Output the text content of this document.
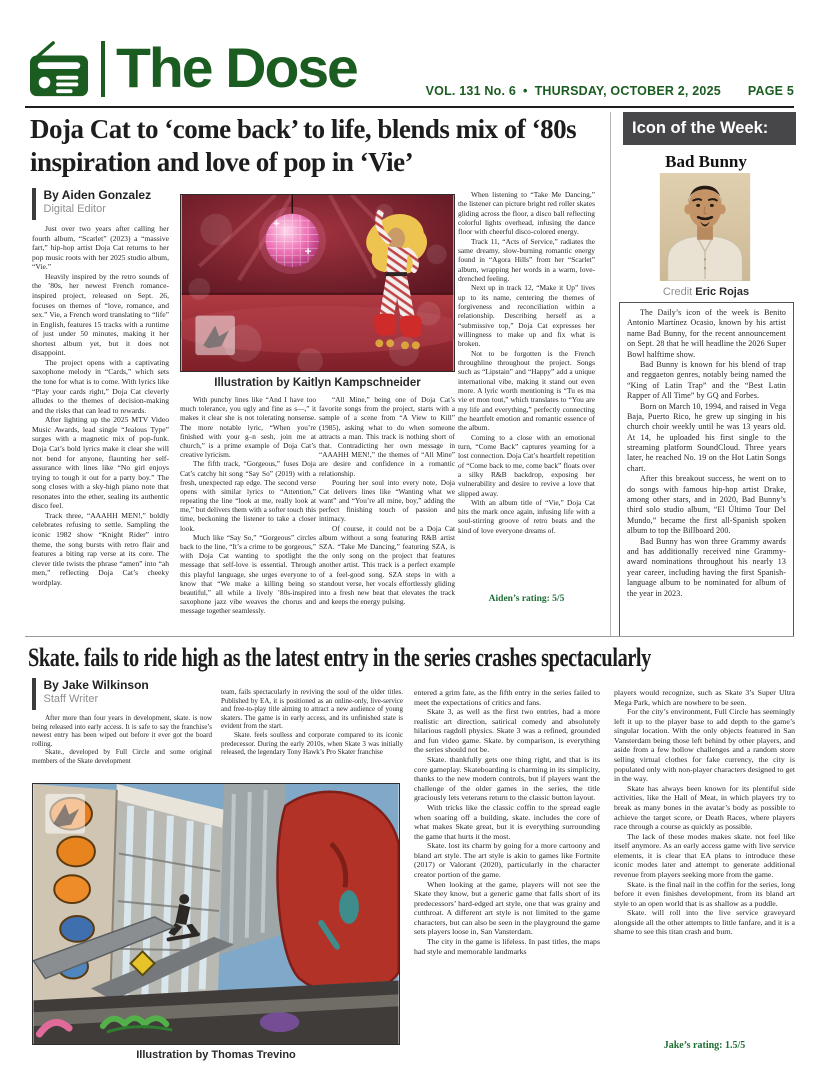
The Dose	VOL. 131 No. 6 • THURSDAY, OCTOBER 2, 2025 PAGE 5
Doja Cat to ‘come back’ to life, blends mix of ‘80s inspiration and love of pop in ‘Vie’
By Aiden Gonzalez
Digital Editor

Just over two years after calling her fourth album, “Scarlet” (2023) a “massive fart,” hip-hop artist Doja Cat returns to her pop music roots with her 2025 studio album, “Vie.”

Heavily inspired by the retro sounds of the ’80s, her newest French romance-inspired project, released on Sept. 26, focuses on themes of “love, romance, and sex.” Vie, a French word translating to “life” in English, features 15 tracks with a runtime of just under 50 minutes, making it her shortest album yet, but it does not disappoint.

The project opens with a captivating saxophone melody in “Cards,” which sets the tone for what is to come. With lyrics like “Play your cards right,” Doja Cat cleverly alludes to the themes of decision-making and the risks that can lead to rewards.

After lighting up the 2025 MTV Video Music Awards, lead single “Jealous Type” surges with a magnetic mix of pop-funk. Doja Cat’s bold lyrics make it clear she will not bend for anyone, flaunting her self-assurance with lines like “No girl enjoys trying to tough it out for a party boy.” The song closes with a sky-high piano note that resonates into the ether, sealing its authentic disco feel.

Track three, “AAAHH MEN!,” boldly celebrates refusing to settle. Sampling the iconic 1982 show “Knight Rider” intro theme, the song bursts with retro flair and features a biting rap verse at its core. The clever title twists the phrase “amen” into “ah men,” reflecting Doja Cat’s cheeky wordplay.

Illustration by Kaitlyn Kampschneider

With punchy lines like “And I have too much tolerance, you ugly and fine as s—,” it makes it clear she is not tolerating nonsense. The more notable lyric, “When you’re finished with your g–n sesh, join me at church,” is a prime example of Doja Cat’s creative lyricism.

The fifth track, “Gorgeous,” fuses Doja Cat’s catchy hit song “Say So” (2019) with a fresh, unexpected rap edge. The second verse opens with similar lyrics to “Attention,” repeating the line “look at me, really look at me,” but delivers them with a softer touch this time, beckoning the listener to take a closer look.

Much like “Say So,” “Gorgeous” circles back to the line, “It’s a crime to be gorgeous,” with Doja Cat wanting to spotlight the message that self-love is essential. Through this playful language, she urges everyone to know that “We make a killing being so beautiful,” all while a lively ’80s-inspired saxophone jazz vibe weaves the chorus and message together seamlessly.

“All Mine,” being one of Doja Cat’s favorite songs from the project, starts with a sample of a scene from “A View to Kill” (1985), asking what to do when someone attracts a man. This track is nothing short of that. Contradicting her own message in “AAAHH MEN!,” the themes of “All Mine” are desire and confidence in a romantic relationship.

Pouring her soul into every note, Doja Cat delivers lines like “Wanting what we want” and “You’re all mine, boy,” adding the perfect finishing touch of passion and intimacy.

Of course, it could not be a Doja Cat album without a song featuring R&B artist SZA. “Take Me Dancing,” featuring SZA, is the only song on the project that features another artist. This track is a perfect example of a feel-good song. SZA steps in with a standout verse, her vocals effortlessly gliding into a fresh new beat that elevates the track and keeps the energy pulsing.

When listening to “Take Me Dancing,” the listener can picture bright red roller skates gliding across the floor, a disco ball reflecting colorful lights overhead, infusing the dance floor with cheerful disco-colored energy.

Track 11, “Acts of Service,” radiates the same dreamy, slow-burning romantic energy found in “Agora Hills” from her “Scarlet” album, wrapping her words in a warm, love-drenched feeling.

Next up in track 12, “Make it Up” lives up to its name, centering the themes of forgiveness and reconciliation within a relationship. Describing herself as a “submissive top,” Doja Cat expresses her willingness to make up and fix what is broken.

Not to be forgotten is the French throughline throughout the project. Songs such as “Lipstain” and “Happy” add a unique international vibe, making it stand out even more. A lyric worth mentioning is “Tu es ma vie et mon tout,” which translates to “You are my life and everything,” perfectly connecting the heartfelt emotion and romantic essence of the album.

Coming to a close with an emotional turn, “Come Back” captures yearning for a lost connection. Doja Cat’s heartfelt repetition of “Come back to me, come back” floats over a silky R&B backdrop, exposing her vulnerability and desire to revive a love that slipped away.

With an album title of “Vie,” Doja Cat hits the mark once again, infusing life with a soul-stirring groove of retro beats and the kind of love everyone dreams of.

Aiden’s rating: 5/5
Icon of the Week:
Bad Bunny
Credit Eric Rojas

The Daily’s icon of the week is Benito Antonio Martínez Ocasio, known by his artist name Bad Bunny, for the recent announcement on Sept. 28 that he will headline the 2026 Super Bowl halftime show.

Bad Bunny is known for his blend of trap and reggaeton genres, notably being named the “King of Latin Trap” and the “Best Latin Rapper of All Time” by GQ and Forbes.

Born on March 10, 1994, and raised in Vega Baja, Puerto Rico, he grew up singing in his church choir weekly until he was 13 years old. At 14, he uploaded his first single to the streaming platform SoundCloud. Three years later, he reached No. 19 on the Hot Latin Songs chart.

After this breakout success, he went on to do songs with famous hip-hop artist Drake, among other stars, and in 2020, Bad Bunny’s third solo studio album, “El Último Tour Del Mundo,” became the first all-Spanish spoken album to top the Billboard 200.

Bad Bunny has won three Grammy awards and has additionally received nine Grammy-award nominations throughout his nearly 13 year career, including having the first Spanish-language album to be nominated for album of the year in 2023.

Skate. fails to ride high as the latest entry in the series crashes spectacularly
By Jake Wilkinson
Staff Writer

After more than four years in development, skate. is now being released into early access. It is safe to say the franchise’s newest entry has been wiped out before it ever got the board rolling.

Skate., developed by Full Circle and some original members of the Skate development

team, fails spectacularly in reviving the soul of the older titles. Published by EA, it is positioned as an online-only, live-service and free-to-play title aiming to attract a new audience of young skaters. The game is in early access, and its unfinished state is evident from the start.

Skate. feels soulless and corporate compared to its iconic predecessor. During the early 2010s, when Skate 3 was initially released, the legendary Tony Hawk’s Pro Skater franchise

entered a grim fate, as the fifth entry in the series failed to meet the expectations of critics and fans.

Skate 3, as well as the first two entries, had a more realistic art direction, satirical comedy and absolutely hilarious ragdoll physics. Skate 3 was a refined, grounded and fun video game. Skate. by comparison, is everything the series should not be.

Skate. thankfully gets one thing right, and that is its core gameplay. Skateboarding is charming in its simplicity, thanks to the new modern controls, but if players want the challenge of the older games in the series, the title graciously lets veterans return to the classic button layout.

With tricks like the classic coffin to the spread eagle when soaring off a building, skate. includes the core of what makes Skate great, but it is everything surrounding the game that hurts it the most.

Skate. lost its charm by going for a more cartoony and bland art style. The art style is akin to games like Fortnite (2017) or Valorant (2020), particularly in the character creator portion of the game.

When looking at the game, players will not see the Skate they know, but a generic game that falls short of its predecessors’ hard-edged art style, one that was grainy and cutthroat. A different art style is not limited to the game characters, but can also be seen in the playground the game sets players loose in, San Vansterdam.

The city in the game is lifeless. In past titles, the maps had style and memorable landmarks

players would recognize, such as Skate 3’s Super Ultra Mega Park, which are nowhere to be seen.

For the city’s environment, Full Circle has seemingly left it up to the player base to add depth to the game’s singular location. With the only objects featured in San Vansterdam being those left behind by other players, and aside from a few hollow challenges and a random store selling virtual clothes for fake currency, the city is populated only with non-player characters designed to get in the way.

Skate has always been known for its plentiful side activities, like the Hall of Meat, in which players try to break as many bones in the avatar’s body as possible to achieve the target score, or Death Races, where players race through a course as quickly as possible.

The lack of these modes makes skate. not feel like itself anymore. As an early access game with live service elements, it is clear that EA plans to introduce these iconic modes later and attempt to generate additional revenue from players seeking more from the game.

Skate. is the final nail in the coffin for the series, long before it even finishes development, from its bland art style to an open world that is as shallow as a puddle.

Skate. will roll into the live service graveyard alongside all the other attempts to little fanfare, and it is a shame to see this titan crash and burn.

Jake’s rating: 1.5/5
Illustration by Thomas Trevino
